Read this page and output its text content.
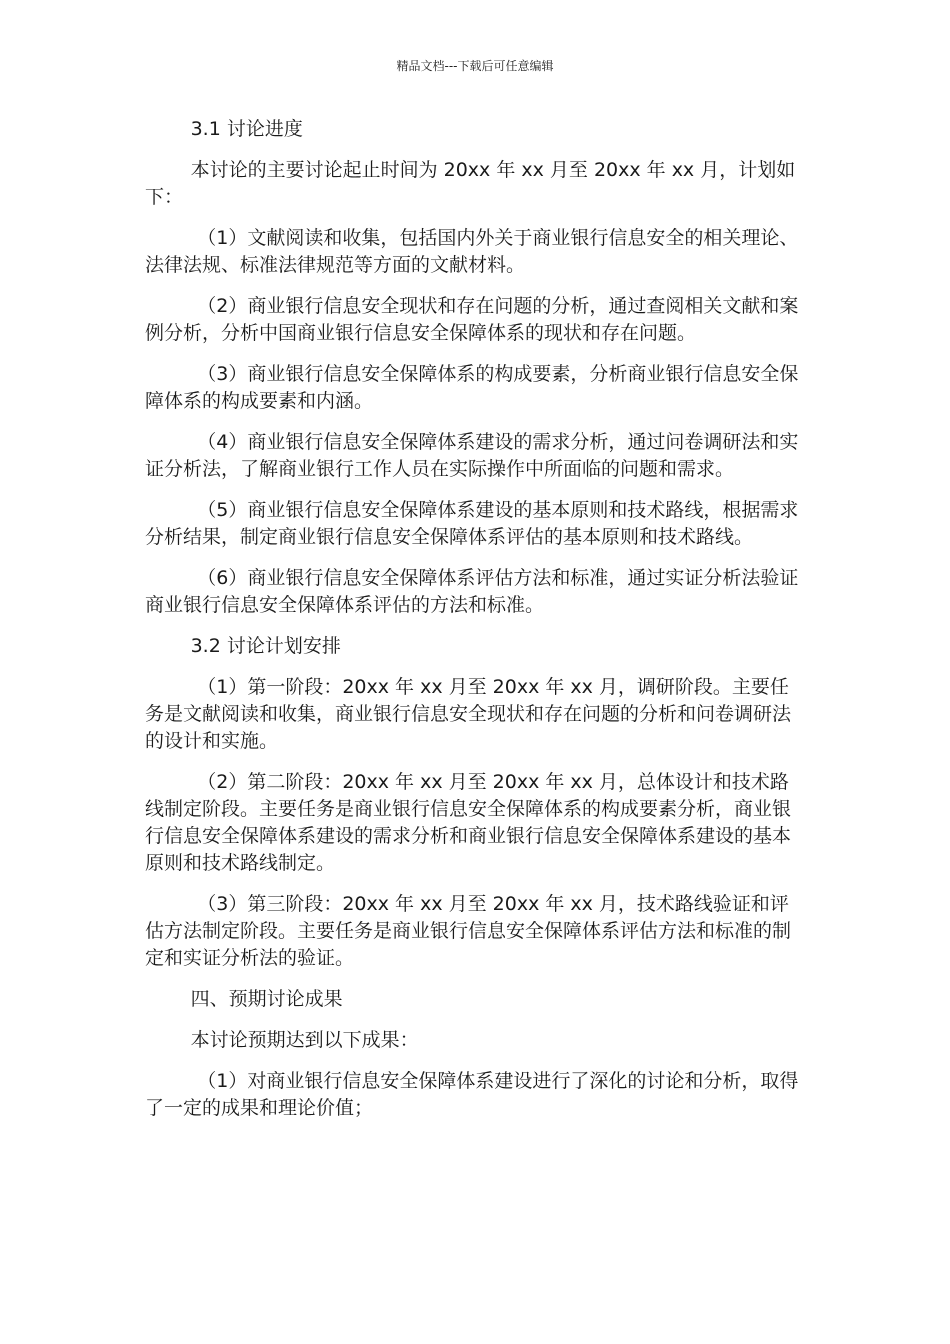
精品文档---下载后可任意编辑

3.1 讨论进度

本讨论的主要讨论起止时间为 20xx 年 xx 月至 20xx 年 xx 月，计划如下：

（1）文献阅读和收集，包括国内外关于商业银行信息安全的相关理论、法律法规、标准法律规范等方面的文献材料。

（2）商业银行信息安全现状和存在问题的分析，通过查阅相关文献和案例分析，分析中国商业银行信息安全保障体系的现状和存在问题。

（3）商业银行信息安全保障体系的构成要素，分析商业银行信息安全保障体系的构成要素和内涵。

（4）商业银行信息安全保障体系建设的需求分析，通过问卷调研法和实证分析法，了解商业银行工作人员在实际操作中所面临的问题和需求。

（5）商业银行信息安全保障体系建设的基本原则和技术路线，根据需求分析结果，制定商业银行信息安全保障体系评估的基本原则和技术路线。

（6）商业银行信息安全保障体系评估方法和标准，通过实证分析法验证商业银行信息安全保障体系评估的方法和标准。

3.2 讨论计划安排

（1）第一阶段：20xx 年 xx 月至 20xx 年 xx 月，调研阶段。主要任务是文献阅读和收集，商业银行信息安全现状和存在问题的分析和问卷调研法的设计和实施。

（2）第二阶段：20xx 年 xx 月至 20xx 年 xx 月，总体设计和技术路线制定阶段。主要任务是商业银行信息安全保障体系的构成要素分析，商业银行信息安全保障体系建设的需求分析和商业银行信息安全保障体系建设的基本原则和技术路线制定。

（3）第三阶段：20xx 年 xx 月至 20xx 年 xx 月，技术路线验证和评估方法制定阶段。主要任务是商业银行信息安全保障体系评估方法和标准的制定和实证分析法的验证。

四、预期讨论成果

本讨论预期达到以下成果：

（1）对商业银行信息安全保障体系建设进行了深化的讨论和分析，取得了一定的成果和理论价值；
